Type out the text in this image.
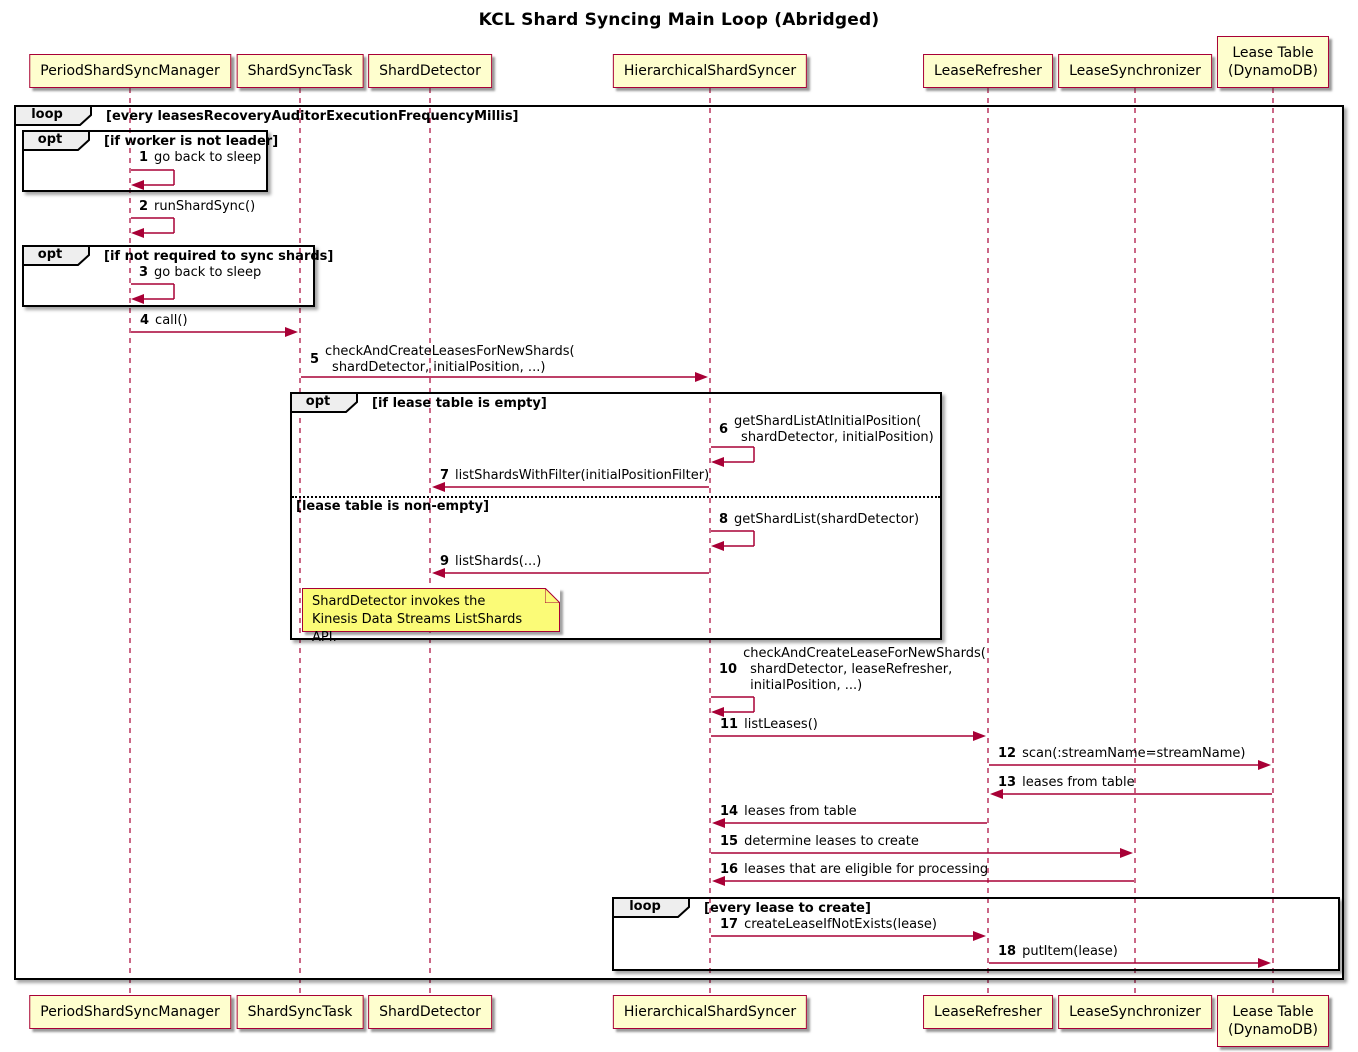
KCL Shard Syncing Main Loop (Abridged)
PeriodShardSyncManager
PeriodShardSyncManager
ShardSyncTask
ShardSyncTask
ShardDetector
ShardDetector
HierarchicalShardSyncer
HierarchicalShardSyncer
LeaseRefresher
LeaseRefresher
LeaseSynchronizer
LeaseSynchronizer
Lease Table
(DynamoDB)
Lease Table
(DynamoDB)
loop	[every leasesRecoveryAuditorExecutionFrequencyMillis]
opt	[if worker is not leader]
opt	[if not required to sync shards]
opt	[if lease table is empty]
[lease table is non-empty]
loop	[every lease to create]
1 go back to sleep
2 runShardSync()
3 go back to sleep
4 call()
5
checkAndCreateLeasesForNewShards(
shardDetector, initialPosition, ...)
6
getShardListAtInitialPosition(
shardDetector, initialPosition)
7 listShardsWithFilter(initialPositionFilter)
8 getShardList(shardDetector)
9 listShards(...)
10
checkAndCreateLeaseForNewShards(
shardDetector, leaseRefresher,
initialPosition, ...)
11 listLeases()
12 scan(:streamName=streamName)
13 leases from table
14 leases from table
15 determine leases to create
16 leases that are eligible for processing
17 createLeaseIfNotExists(lease)
18 putItem(lease)
ShardDetector invokes the
Kinesis Data Streams ListShards API.
